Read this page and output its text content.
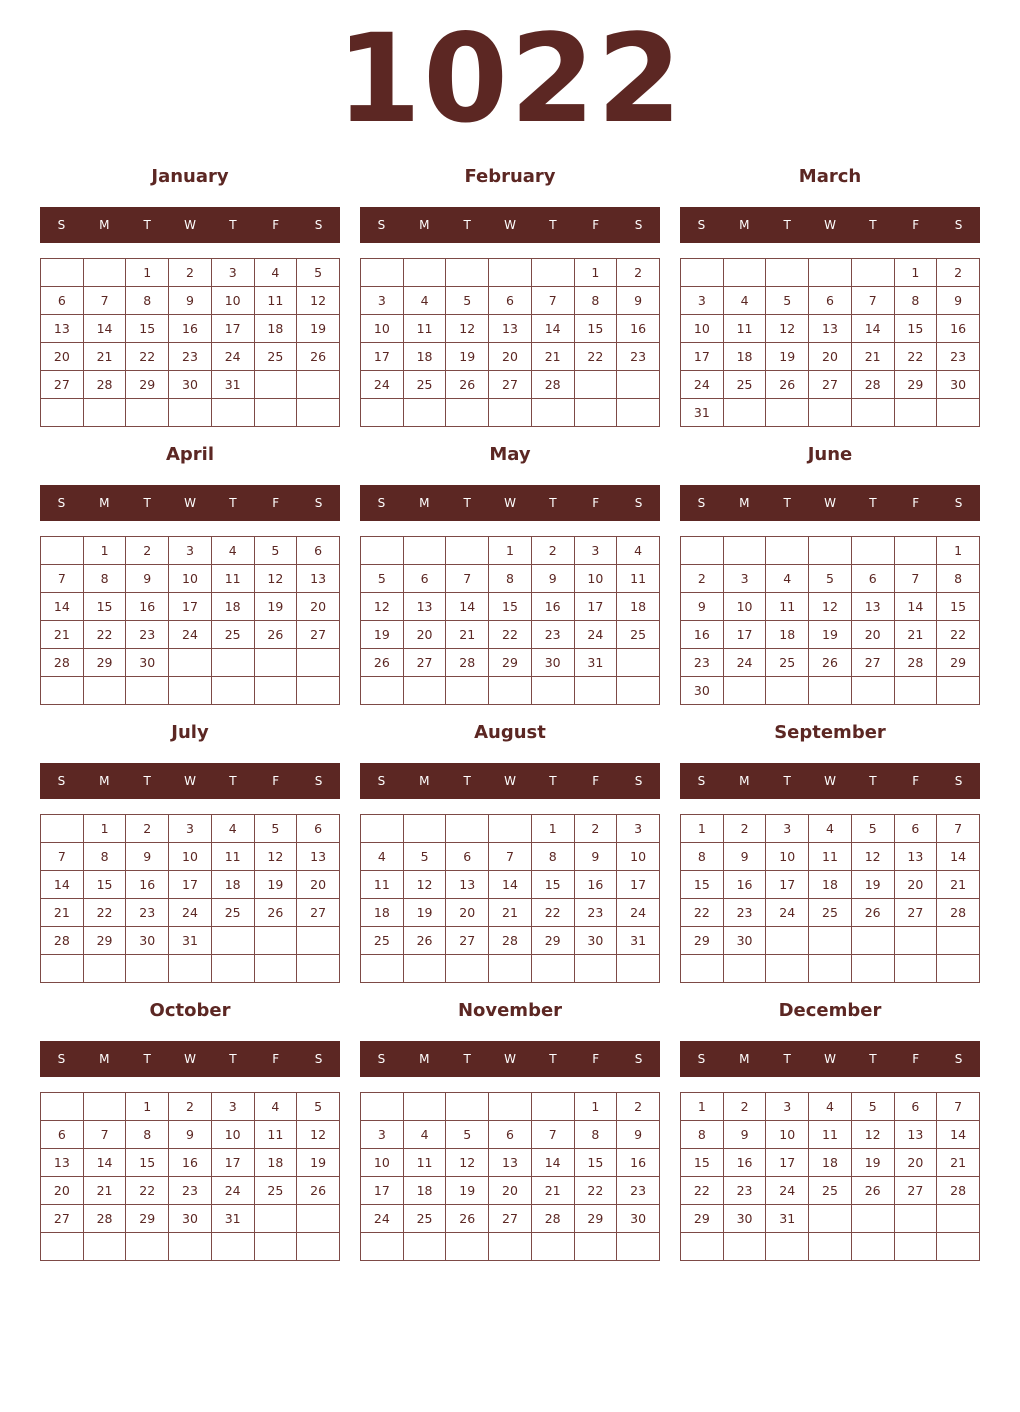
1022
January
S	M	T	W	T	F	S
		1	2	3	4	5
6	7	8	9	10	11	12
13	14	15	16	17	18	19
20	21	22	23	24	25	26
27	28	29	30	31		

February
S	M	T	W	T	F	S
					1	2
3	4	5	6	7	8	9
10	11	12	13	14	15	16
17	18	19	20	21	22	23
24	25	26	27	28		

March
S	M	T	W	T	F	S
					1	2
3	4	5	6	7	8	9
10	11	12	13	14	15	16
17	18	19	20	21	22	23
24	25	26	27	28	29	30
31						
April
S	M	T	W	T	F	S
	1	2	3	4	5	6
7	8	9	10	11	12	13
14	15	16	17	18	19	20
21	22	23	24	25	26	27
28	29	30				

May
S	M	T	W	T	F	S
			1	2	3	4
5	6	7	8	9	10	11
12	13	14	15	16	17	18
19	20	21	22	23	24	25
26	27	28	29	30	31	

June
S	M	T	W	T	F	S
						1
2	3	4	5	6	7	8
9	10	11	12	13	14	15
16	17	18	19	20	21	22
23	24	25	26	27	28	29
30						
July
S	M	T	W	T	F	S
	1	2	3	4	5	6
7	8	9	10	11	12	13
14	15	16	17	18	19	20
21	22	23	24	25	26	27
28	29	30	31			

August
S	M	T	W	T	F	S
				1	2	3
4	5	6	7	8	9	10
11	12	13	14	15	16	17
18	19	20	21	22	23	24
25	26	27	28	29	30	31

September
S	M	T	W	T	F	S
1	2	3	4	5	6	7
8	9	10	11	12	13	14
15	16	17	18	19	20	21
22	23	24	25	26	27	28
29	30					

October
S	M	T	W	T	F	S
		1	2	3	4	5
6	7	8	9	10	11	12
13	14	15	16	17	18	19
20	21	22	23	24	25	26
27	28	29	30	31		

November
S	M	T	W	T	F	S
					1	2
3	4	5	6	7	8	9
10	11	12	13	14	15	16
17	18	19	20	21	22	23
24	25	26	27	28	29	30

December
S	M	T	W	T	F	S
1	2	3	4	5	6	7
8	9	10	11	12	13	14
15	16	17	18	19	20	21
22	23	24	25	26	27	28
29	30	31				
